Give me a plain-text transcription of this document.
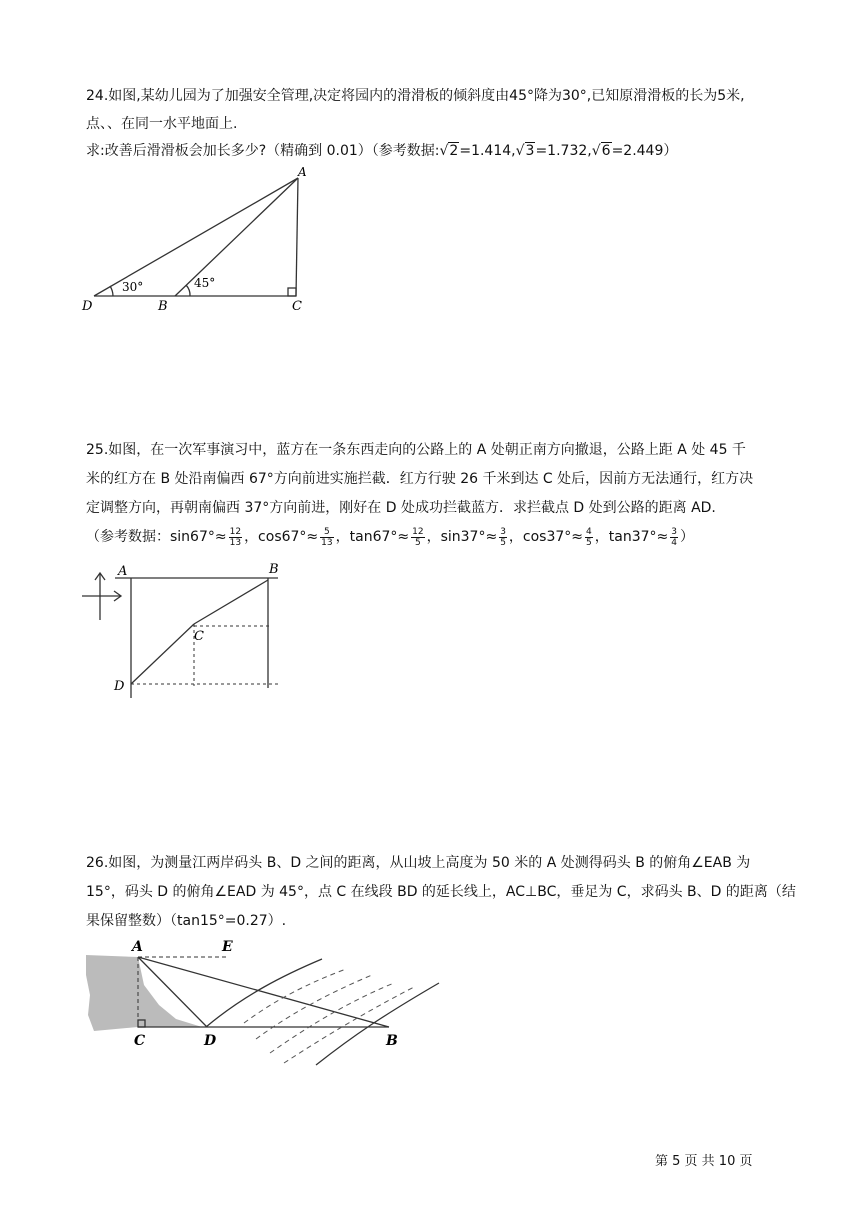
24.如图,某幼儿园为了加强安全管理,决定将园内的滑滑板的倾斜度由45°降为30°,已知原滑滑板的长为5米,

点、、在同一水平地面上.

求:改善后滑滑板会加长多少?（精确到 0.01）（参考数据:√2=1.414,√3=1.732,√6=2.449）

A
D	B	C
30°	45°

25.如图，在一次军事演习中，蓝方在一条东西走向的公路上的 A 处朝正南方向撤退，公路上距 A 处 45 千

米的红方在 B 处沿南偏西 67°方向前进实施拦截．红方行驶 26 千米到达 C 处后，因前方无法通行，红方决

定调整方向，再朝南偏西 37°方向前进，刚好在 D 处成功拦截蓝方．求拦截点 D 处到公路的距离 AD.

（参考数据：$\sin 67^\circ\approx \frac{12}{13}$ ，$\cos 67^\circ\approx \frac{5}{13}$ ，$\tan 67^\circ\approx \frac{12}{5}$ ，$\sin 37^\circ\approx \frac{3}{5}$ ，$\cos 37^\circ\approx \frac{4}{5}$ ，$\tan 37^\circ\approx \frac{3}{4}$ ）

A	B
C
D

26.如图，为测量江两岸码头 B、D 之间的距离，从山坡上高度为 50 米的 A 处测得码头 B 的俯角∠EAB 为

15°，码头 D 的俯角∠EAD 为 45°，点 C 在线段 BD 的延长线上，AC⊥BC，垂足为 C，求码头 B、D 的距离（结

果保留整数）（tan15°=0.27）.

A	E
C	D	B
第 5 页 共 10 页
